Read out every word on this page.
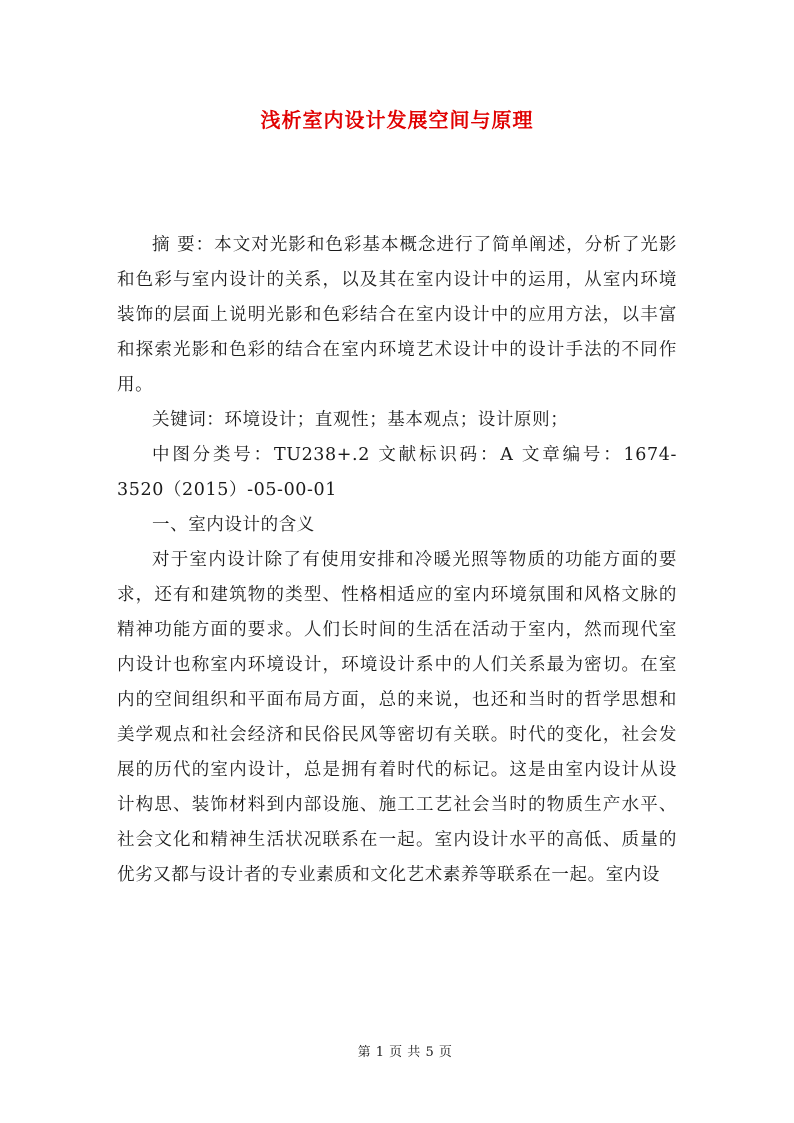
浅析室内设计发展空间与原理

摘 要：本文对光影和色彩基本概念进行了简单阐述，分析了光影和色彩与室内设计的关系，以及其在室内设计中的运用，从室内环境装饰的层面上说明光影和色彩结合在室内设计中的应用方法，以丰富和探索光影和色彩的结合在室内环境艺术设计中的设计手法的不同作用。

关键词：环境设计；直观性；基本观点；设计原则；

中图分类号：TU238+.2 文献标识码：A 文章编号：1674-3520（2015）-05-00-01

一、室内设计的含义

对于室内设计除了有使用安排和冷暖光照等物质的功能方面的要求，还有和建筑物的类型、性格相适应的室内环境氛围和风格文脉的精神功能方面的要求。人们长时间的生活在活动于室内，然而现代室内设计也称室内环境设计，环境设计系中的人们关系最为密切。在室内的空间组织和平面布局方面，总的来说，也还和当时的哲学思想和美学观点和社会经济和民俗民风等密切有关联。时代的变化，社会发展的历代的室内设计，总是拥有着时代的标记。这是由室内设计从设计构思、装饰材料到内部设施、施工工艺社会当时的物质生产水平、社会文化和精神生活状况联系在一起。室内设计水平的高低、质量的优劣又都与设计者的专业素质和文化艺术素养等联系在一起。室内设

第 1 页 共 5 页
